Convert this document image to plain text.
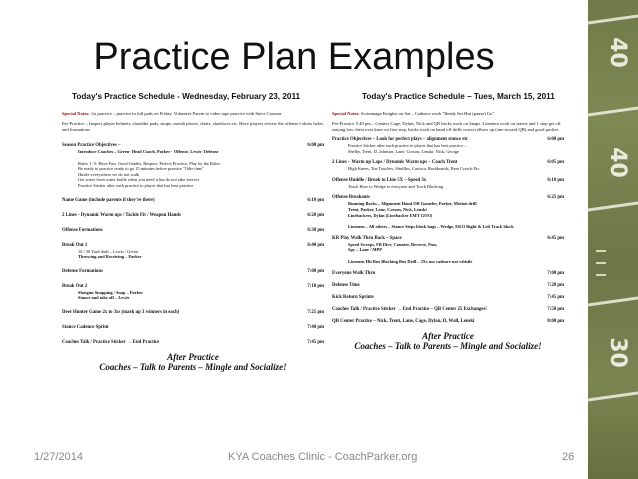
40
40
30
Practice Plan Examples
Today's Practice Schedule - Wednesday, February 23, 2011
Special Notes: 1st practice – practice in full pads on Friday. Volunteer Parent to video tape practice with Steve Cassens
Pre-Practice – Inspect player helmets, shoulder pads, straps, mouth pieces, cleats, shoelaces etc. Have players review the offense t-shirts holes and formations
Season Practice Objectives –	6:00 pm
Introduce Coaches – Green- Head Coach, Parker - Offense, Lewis- Defense
Rules 1 -5: Have Fun, Good Grades, Respect, Perfect Practice, Play by the Rules
Be ready to practice ready to go 15 minutes before practice "Odie time"
Hustle everywhere we do not walk
Get water from water bottle when you need it but do not take forever
Practice Sticker after each practice to player that has best practice
Name Game (include parents if they're there)	6:10 pm
2 Lines - Dynamic Warm ups / Tackle Fit / Weapon Hands	6:20 pm
Offense Formations	6:30 pm
Break Out 1	6:40 pm
10 / 30 Yard dash – Lewis / Green
Throwing and Receiving – Parker
Defense Formations	7:00 pm
Break Out 2	7:10 pm
Shotgun Snapping / Snap – Parker
Stance and take off – Lewis
Deer Hunter Game 2x to 3xs (mark up 3 winners in each)	7:25 pm
Stance Cadence Sprint	7:40 pm
Coaches Talk / Practice Sticker → End Practice	7:45 pm
After Practice
Coaches – Talk to Parents – Mingle and Socialize!
Today's Practice Schedule – Tues, March 15, 2011
Special Notes: Scrimmage Knights on Sat – Cadence work "Ready Set Hut (pause) Go"
Pre-Practice 5:40 pm – Centers Cage, Dylan, Nick and QB backs work on Snaps. Linemen work on stance and 1 step get off staying low chest over knee on first step, backs work on hand off drills correct elbow up (one toward QB) and good pocket.
Practice Objectives – Look for perfect plays – alignment stance etc	6:00 pm
Practice Sticker after each practice to player that has best practice –
Shelby, Trent, D, Johnson, Lane, Corson, Lenski, Nick, George
2 Lines – Warm up Laps / Dynamic Warm ups – Coach Trent	6:05 pm
High Knees, Toe Touches, Shuffles, Carioca, Backboards, Bear Crawls Etc
Offense Huddle / Break to Line 5X – Speed 3x	6:10 pm
Teach How to Wedge to everyone and Track Blocking
Offense Breakouts	6:25 pm
Running Backs – Alignment Hand Off Gameler, Parker, Motion drill
Trent, Parker, Lane, Corson, Nick, Lenski
Linebackers, Dylan (Linebacker EMT GOO)
Linemen – All others – Stance Steps block bags – Wedge, EKO Right & Left Track block
KR Play Walk Thru Back – Space	6:45 pm
Speed Sweeps, FB Dive, Counter, Reverse, Pass,
Spy – Lane / MPP
Linemen Hit Box Blocking Box Drill – 2Xs use cadence not whistle
Everyone Walk Thru	7:00 pm
Defense Time	7:20 pm
Kick Return Sprints	7:45 pm
Coaches Talk / Practice Sticker → End Practice – QB Center 25 Exchanges!	7:50 pm
QB Center Practice – Nick, Trent, Lane, Cage, Dylan, D, Wall, Lenski	8:00 pm
After Practice
Coaches – Talk to Parents – Mingle and Socialize!
1/27/2014	KYA Coaches Clinic - CoachParker.org	26
